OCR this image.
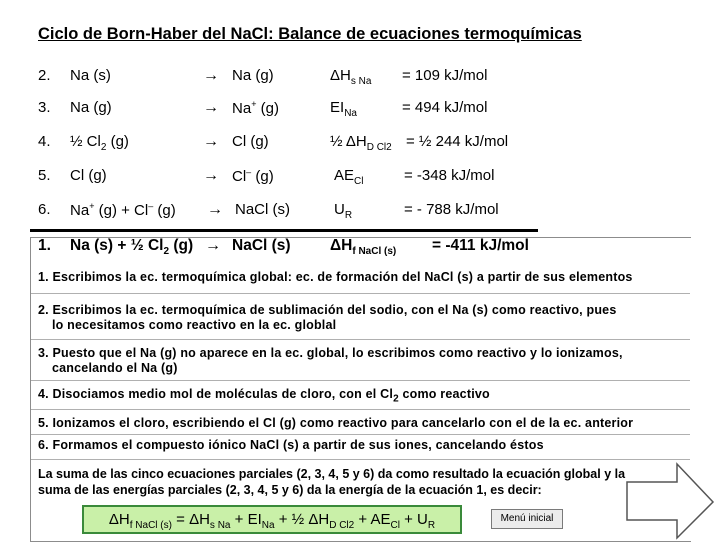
Ciclo de Born-Haber del NaCl: Balance de ecuaciones termoquímicas
2. Na (s)	→ Na (g)	$\Delta H_{s Na} = 109$ kJ/mol
3. Na (g)	→ Na+ (g)	$EI_{Na}$	= 494 kJ/mol
4. ½ $Cl_2$ (g)	→ Cl (g)	½ $\Delta H_{D Cl2}$ = ½ 244 kJ/mol
5. Cl (g)	→ Cl– (g)	$AE_{Cl}$	= -348 kJ/mol
6. Na+ (g) + Cl– (g) → NaCl (s)	$U_R$	= - 788 kJ/mol
1. Na (s) + ½ $Cl_2$ (g) → NaCl (s)	$\Delta H_{f NaCl (s)} = -411$ kJ/mol
1. Escribimos la ec. termoquímica global: ec. de formación del NaCl (s) a partir de sus elementos
2. Escribimos la ec. termoquímica de sublimación del sodio, con el Na (s) como reactivo, pues
lo necesitamos como reactivo en la ec. globlal
3. Puesto que el Na (g) no aparece en la ec. global, lo escribimos como reactivo y lo ionizamos,
cancelando el Na (g)
4. Disociamos medio mol de moléculas de cloro, con el $Cl_2$ como reactivo
5. Ionizamos el cloro, escribiendo el Cl (g) como reactivo para cancelarlo con el de la ec. anterior
6. Formamos el compuesto iónico NaCl (s) a partir de sus iones, cancelando éstos
La suma de las cinco ecuaciones parciales (2, 3, 4, 5 y 6) da como resultado la ecuación global y la
suma de las energías parciales (2, 3, 4, 5 y 6) da la energía de la ecuación 1, es decir:
$\Delta H_{f NaCl (s)} = \Delta H_{s Na} + EI_{Na}$ + ½ $\Delta H_{D Cl2} + AE_{Cl} + U_R$
Menú inicial
